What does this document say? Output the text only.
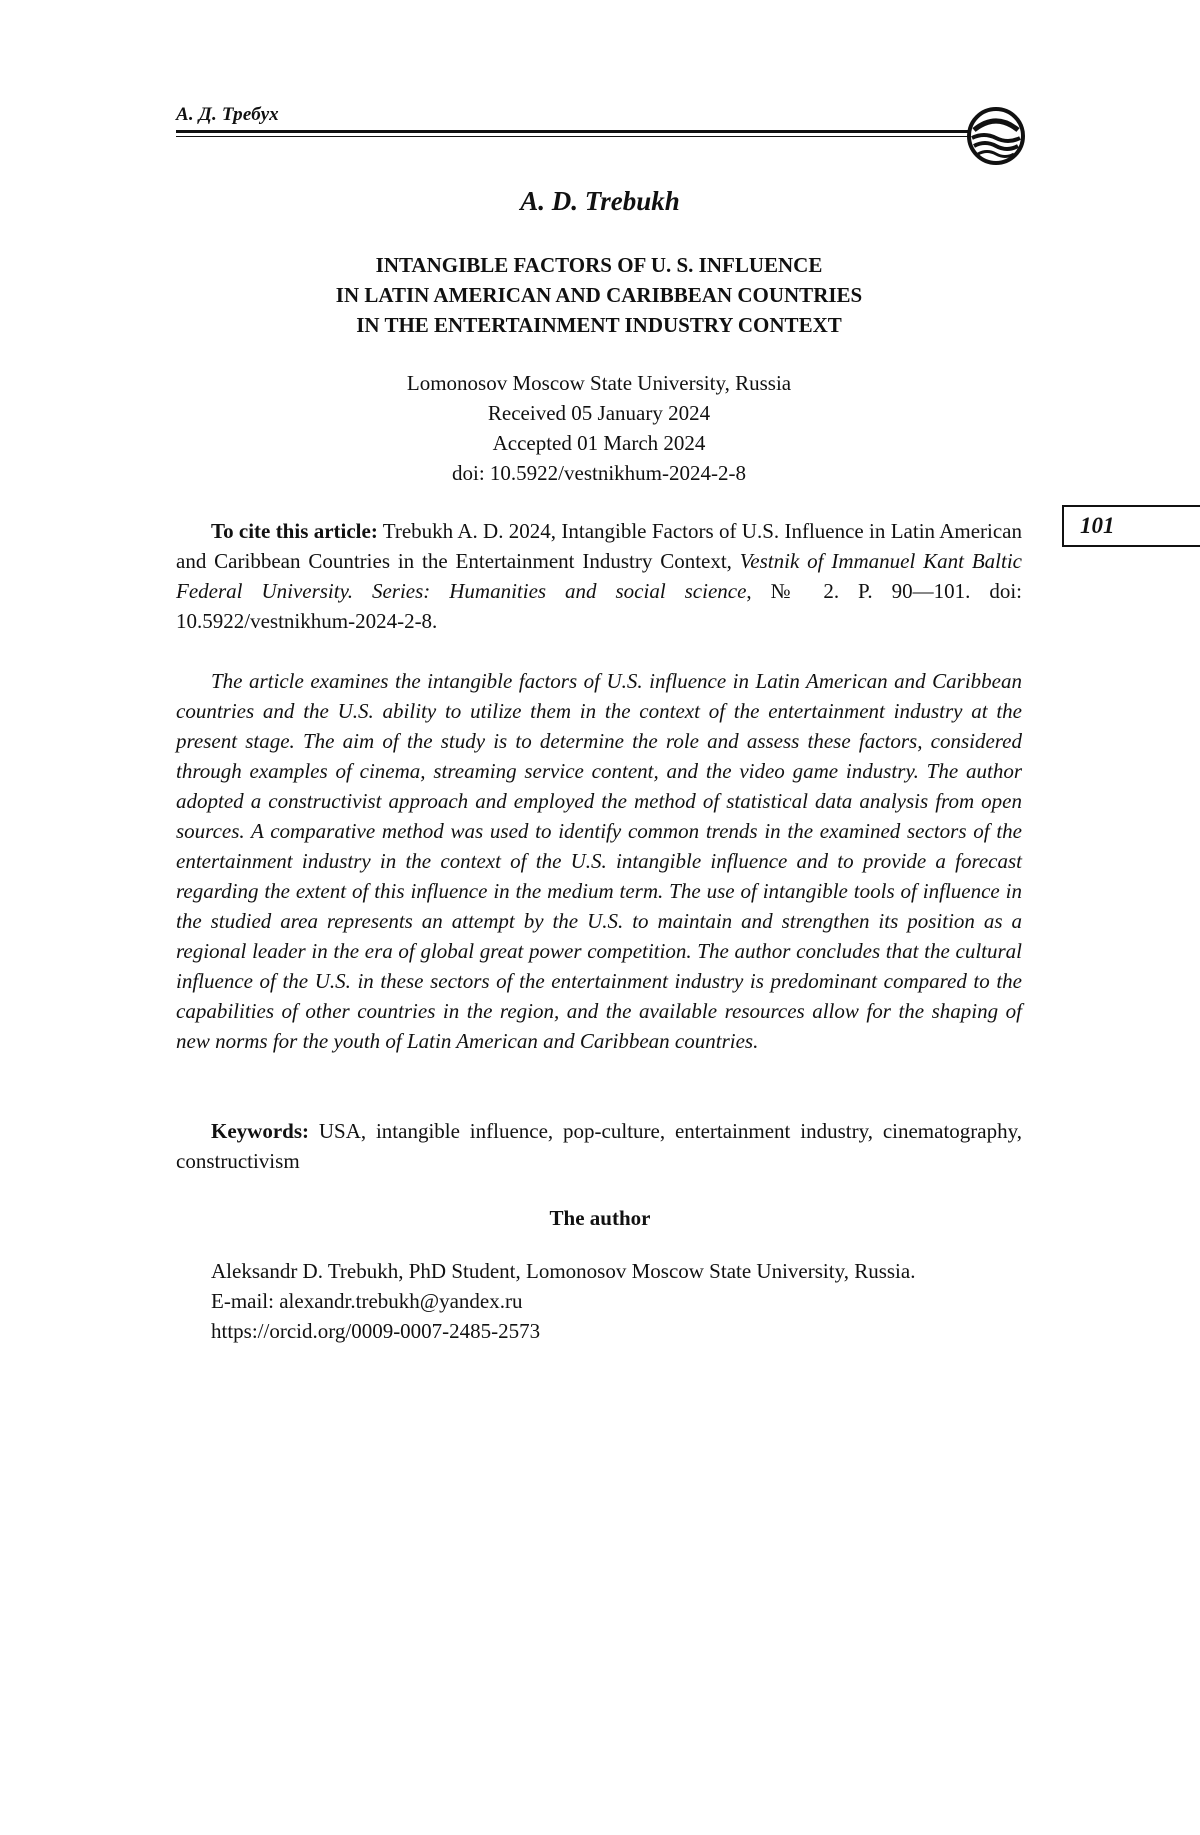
А. Д. Требух
A. D. Trebukh
INTANGIBLE FACTORS OF U. S. INFLUENCE
IN LATIN AMERICAN AND CARIBBEAN COUNTRIES
IN THE ENTERTAINMENT INDUSTRY CONTEXT
Lomonosov Moscow State University, Russia
Received 05 January 2024
Accepted 01 March 2024
doi: 10.5922/vestnikhum-2024-2-8
101
To cite this article: Trebukh A. D. 2024, Intangible Factors of U.S. Influence in Latin American and Caribbean Countries in the Entertainment Industry Context, Vestnik of Immanuel Kant Baltic Federal University. Series: Humanities and social science, № 2. P. 90—101. doi: 10.5922/vestnikhum-2024-2-8.
The article examines the intangible factors of U.S. influence in Latin American and Caribbean countries and the U.S. ability to utilize them in the context of the entertainment industry at the present stage. The aim of the study is to determine the role and assess these factors, considered through examples of cinema, streaming service content, and the video game industry. The author adopted a constructivist approach and employed the method of statistical data analysis from open sources. A comparative method was used to identify common trends in the examined sectors of the entertainment industry in the context of the U.S. intangible influence and to provide a forecast regarding the extent of this influence in the medium term. The use of intangible tools of influence in the studied area represents an attempt by the U.S. to maintain and strengthen its position as a regional leader in the era of global great power competition. The author concludes that the cultural influence of the U.S. in these sectors of the entertainment industry is predominant compared to the capabilities of other countries in the region, and the available resources allow for the shaping of new norms for the youth of Latin American and Caribbean countries.
Keywords: USA, intangible influence, pop-culture, entertainment industry, cinematography, constructivism
The author
Aleksandr D. Trebukh, PhD Student, Lomonosov Moscow State University, Russia.
E-mail: alexandr.trebukh@yandex.ru
https://orcid.org/0009-0007-2485-2573
